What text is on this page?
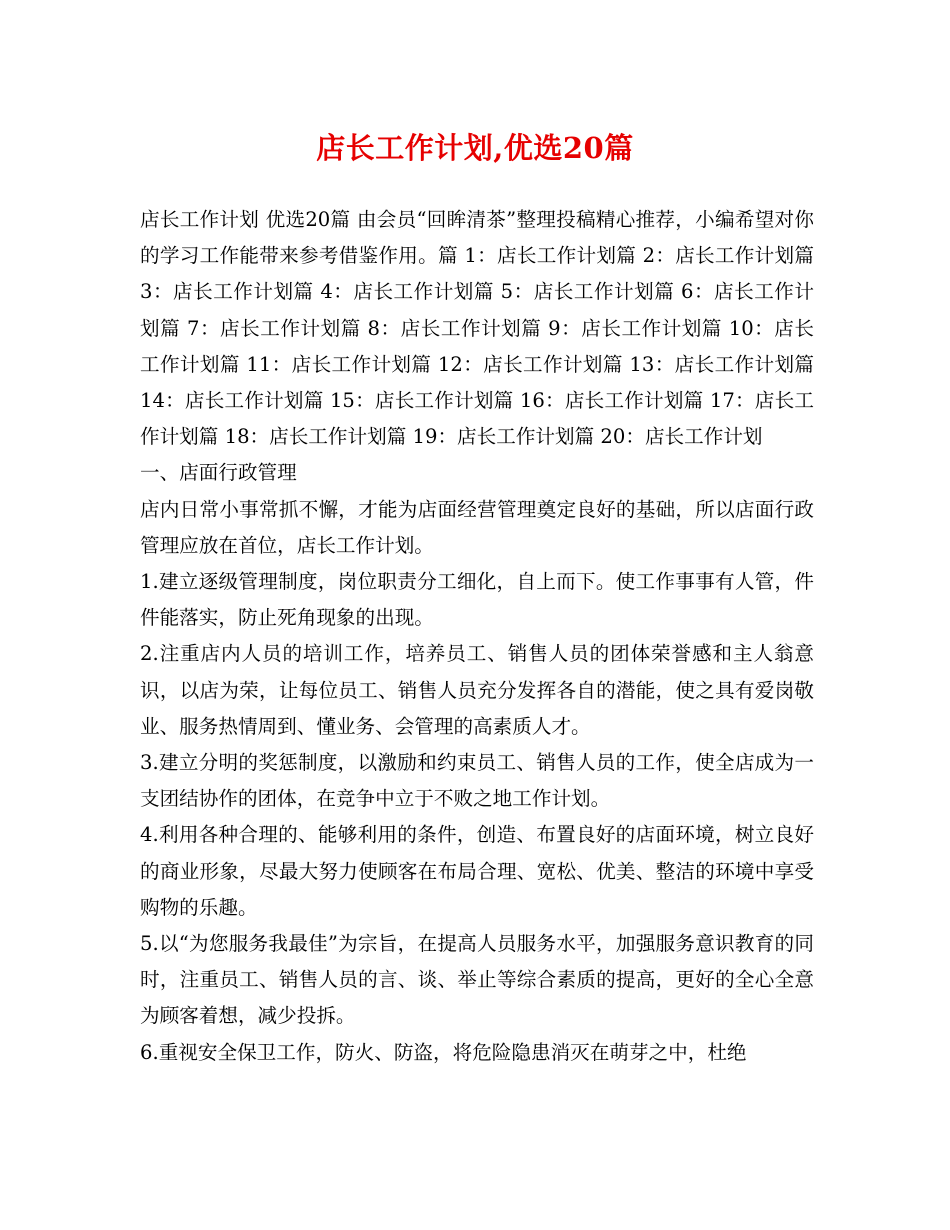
店长工作计划,优选20篇

店长工作计划 优选20篇 由会员“回眸清茶”整理投稿精心推荐，小编希望对你的学习工作能带来参考借鉴作用。篇 1：店长工作计划篇 2：店长工作计划篇 3：店长工作计划篇 4：店长工作计划篇 5：店长工作计划篇 6：店长工作计划篇 7：店长工作计划篇 8：店长工作计划篇 9：店长工作计划篇 10：店长工作计划篇 11：店长工作计划篇 12：店长工作计划篇 13：店长工作计划篇 14：店长工作计划篇 15：店长工作计划篇 16：店长工作计划篇 17：店长工作计划篇 18：店长工作计划篇 19：店长工作计划篇 20：店长工作计划

一、店面行政管理

店内日常小事常抓不懈，才能为店面经营管理奠定良好的基础，所以店面行政管理应放在首位，店长工作计划。

1.建立逐级管理制度，岗位职责分工细化，自上而下。使工作事事有人管，件件能落实，防止死角现象的出现。

2.注重店内人员的培训工作，培养员工、销售人员的团体荣誉感和主人翁意识，以店为荣，让每位员工、销售人员充分发挥各自的潜能，使之具有爱岗敬业、服务热情周到、懂业务、会管理的高素质人才。

3.建立分明的奖惩制度，以激励和约束员工、销售人员的工作，使全店成为一支团结协作的团体，在竞争中立于不败之地工作计划。

4.利用各种合理的、能够利用的条件，创造、布置良好的店面环境，树立良好的商业形象，尽最大努力使顾客在布局合理、宽松、优美、整洁的环境中享受购物的乐趣。

5.以“为您服务我最佳”为宗旨，在提高人员服务水平，加强服务意识教育的同时，注重员工、销售人员的言、谈、举止等综合素质的提高，更好的全心全意为顾客着想，减少投拆。

6.重视安全保卫工作，防火、防盗，将危险隐患消灭在萌芽之中，杜绝
